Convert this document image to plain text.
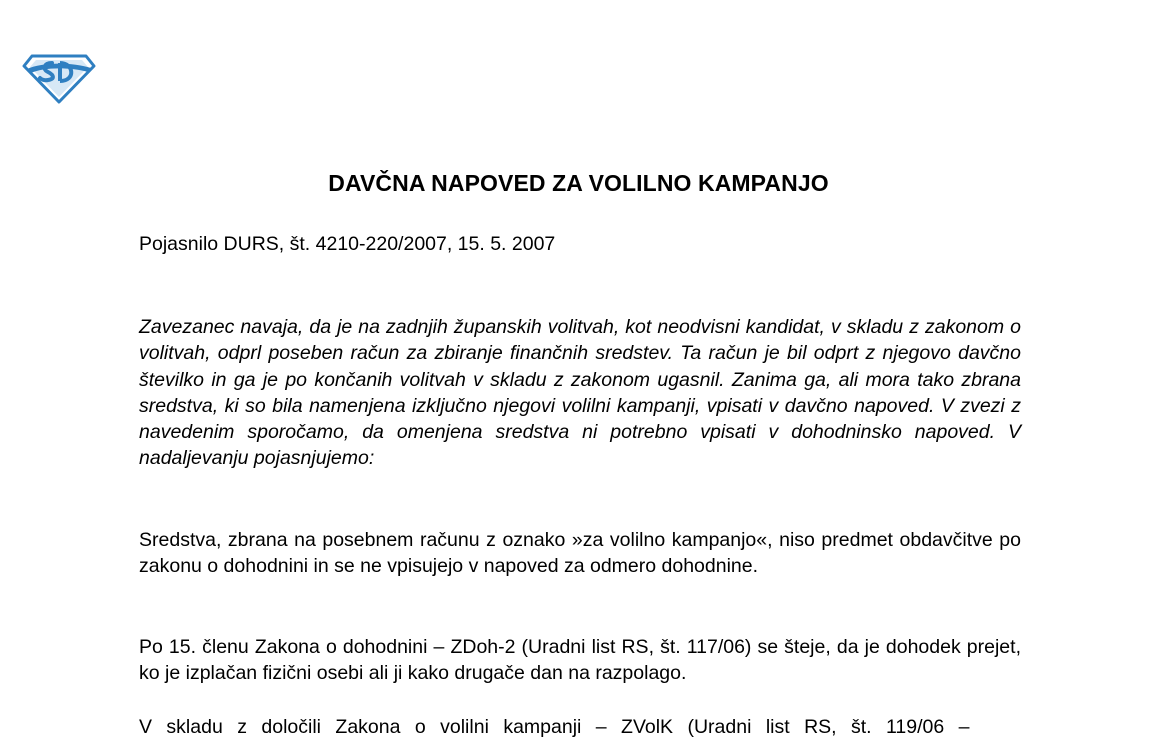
DAVČNA NAPOVED ZA VOLILNO KAMPANJO

Pojasnilo DURS, št. 4210-220/2007, 15. 5. 2007

Zavezanec navaja, da je na zadnjih županskih volitvah, kot neodvisni kandidat, v skladu z zakonom o volitvah, odprl poseben račun za zbiranje finančnih sredstev. Ta račun je bil odprt z njegovo davčno številko in ga je po končanih volitvah v skladu z zakonom ugasnil. Zanima ga, ali mora tako zbrana sredstva, ki so bila namenjena izključno njegovi volilni kampanji, vpisati v davčno napoved. V zvezi z navedenim sporočamo, da omenjena sredstva ni potrebno vpisati v dohodninsko napoved. V nadaljevanju pojasnjujemo:

Sredstva, zbrana na posebnem računu z oznako »za volilno kampanjo«, niso predmet obdavčitve po zakonu o dohodnini in se ne vpisujejo v napoved za odmero dohodnine.

Po 15. členu Zakona o dohodnini – ZDoh-2 (Uradni list RS, št. 117/06) se šteje, da je dohodek prejet, ko je izplačan fizični osebi ali ji kako drugače dan na razpolago.

V skladu z določili Zakona o volilni kampanji – ZVolK (Uradni list RS, št. 119/06 –
